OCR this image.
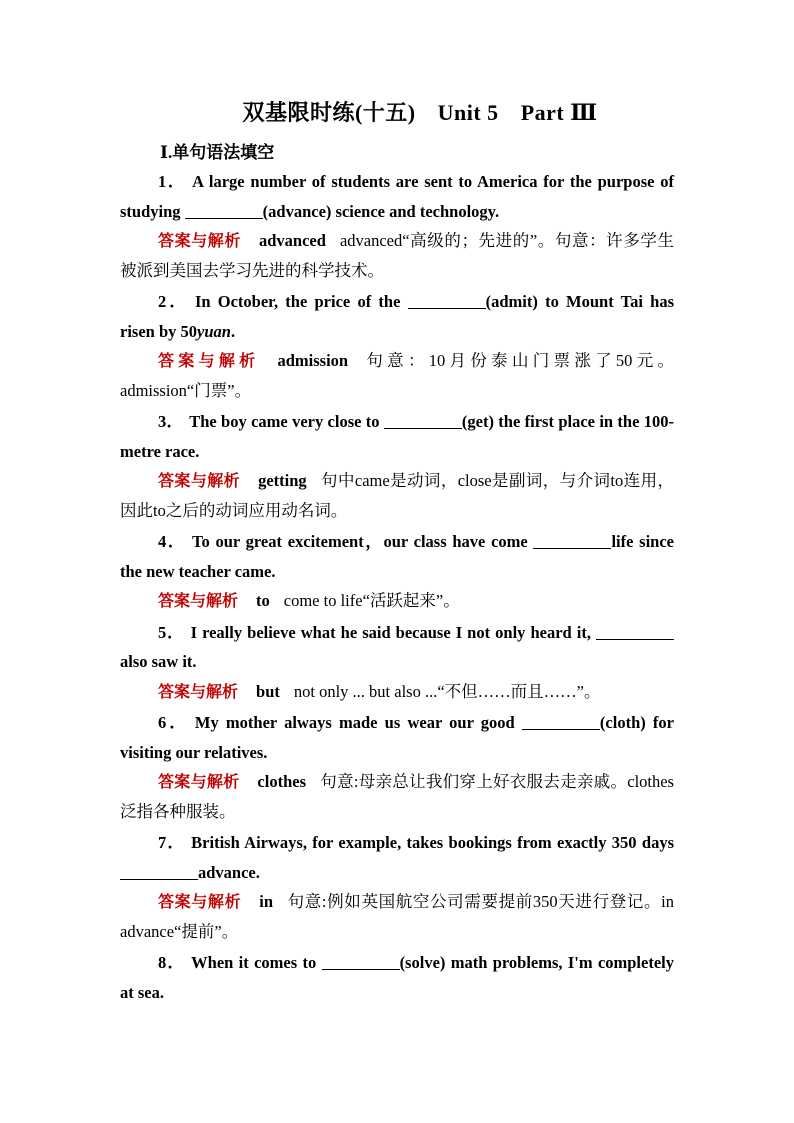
双基限时练(十五) Unit 5 Part Ⅲ
Ⅰ.单句语法填空

1． A large number of students are sent to America for the purpose of studying	(advance) science and technology.

答案与解析 advanced advanced“高级的；先进的”。句意：许多学生被派到美国去学习先进的科学技术。

2． In October, the price of the	(admit) to Mount Tai has risen by 50yuan.

答案与解析 admission 句意：10月份泰山门票涨了50元。admission“门票”。

3． The boy came very close to	(get) the first place in the 100-metre race.

答案与解析 getting 句中came是动词，close是副词，与介词to连用，因此to之后的动词应用动名词。

4． To our great excitement，our class have come	life since the new teacher came.

答案与解析 to come to life“活跃起来”。

5． I really believe what he said because I not only heard it, also saw it.

答案与解析 but not only ... but also ...“不但……而且……”。

6． My mother always made us wear our good	(cloth) for visiting our relatives.

答案与解析 clothes 句意:母亲总让我们穿上好衣服去走亲戚。clothes泛指各种服装。

7． British Airways, for example, takes bookings from exactly 350 days advance.

答案与解析 in 句意:例如英国航空公司需要提前350天进行登记。in advance“提前”。

8． When it comes to	(solve) math problems, I'm completely at sea.
